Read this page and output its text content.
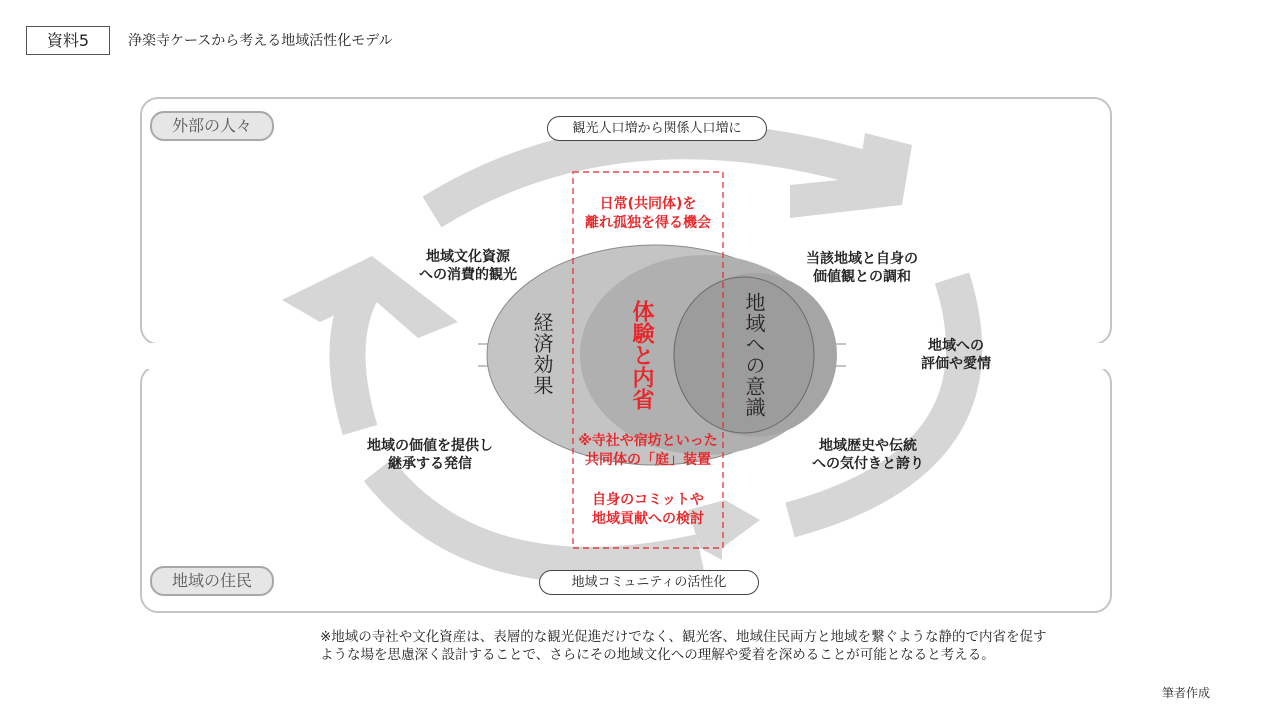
資料5	浄楽寺ケースから考える地域活性化モデル
外部の人々
地域の住民
観光人口増から関係人口増に
地域コミュニティの活性化
地域文化資源
への消費的観光
当該地域と自身の
価値観との調和
地域への
評価や愛情
地域歴史や伝統
への気付きと誇り
地域の価値を提供し
継承する発信
経済効果	体験と内省	地域への意識
日常(共同体)を
離れ孤独を得る機会
※寺社や宿坊といった
共同体の「庭」装置
自身のコミットや
地域貢献への検討
※地域の寺社や文化資産は、表層的な観光促進だけでなく、観光客、地域住民両方と地域を繋ぐような静的で内省を促す
ような場を思慮深く設計することで、さらにその地域文化への理解や愛着を深めることが可能となると考える。
筆者作成
